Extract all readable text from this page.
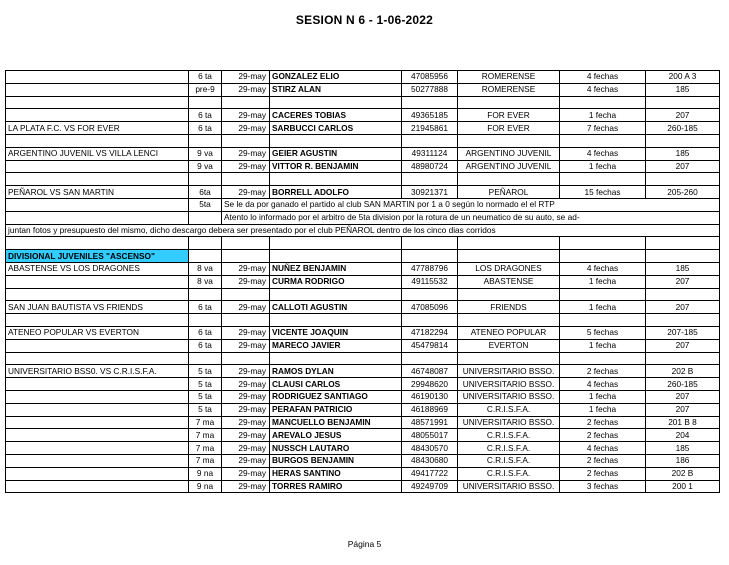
SESION N 6 - 1-06-2022
	6 ta	29-may	GONZALEZ ELIO	47085956	ROMERENSE	4 fechas	200 A 3
	pre-9	29-may	STIRZ ALAN	50277888	ROMERENSE	4 fechas	185

	6 ta	29-may	CACERES TOBIAS	49365185	FOR EVER	1 fecha	207
LA PLATA F.C. VS FOR EVER	6 ta	29-may	SARBUCCI CARLOS	21945861	FOR EVER	7 fechas	260-185

ARGENTINO JUVENIL VS VILLA LENCI	9 va	29-may	GEIER AGUSTIN	49311124	ARGENTINO JUVENIL	4 fechas	185
	9 va	29-may	VITTOR R. BENJAMIN	48980724	ARGENTINO JUVENIL	1 fecha	207

PEÑAROL VS SAN MARTIN	6ta	29-may	BORRELL ADOLFO	30921371	PEÑAROL	15 fechas	205-260
	5ta	Se le da por ganado el partido al club SAN MARTIN por 1 a 0 según lo normado el el RTP					
		Atento lo informado por el arbitro de 5ta division por la rotura de un neumatico de su auto, se ad-					
juntan fotos y presupuesto del mismo, dicho descargo debera ser presentado por el club PEÑAROL dentro de los cinco dias corridos							

DIVISIONAL JUVENILES "ASCENSO"							
ABASTENSE VS LOS DRAGONES	8 va	29-may	NUÑEZ BENJAMIN	47788796	LOS DRAGONES	4 fechas	185
	8 va	29-may	CURMA RODRIGO	49115532	ABASTENSE	1 fecha	207

SAN JUAN BAUTISTA VS FRIENDS	6 ta	29-may	CALLOTI AGUSTIN	47085096	FRIENDS	1 fecha	207

ATENEO POPULAR VS EVERTON	6 ta	29-may	VICENTE JOAQUIN	47182294	ATENEO POPULAR	5 fechas	207-185
	6 ta	29-may	MARECO JAVIER	45479814	EVERTON	1 fecha	207

UNIVERSITARIO BSS0. VS C.R.I.S.F.A.	5 ta	29-may	RAMOS DYLAN	46748087	UNIVERSITARIO BSSO.	2 fechas	202 B
	5 ta	29-may	CLAUSI CARLOS	29948620	UNIVERSITARIO BSSO.	4 fechas	260-185
	5 ta	29-may	RODRIGUEZ SANTIAGO	46190130	UNIVERSITARIO BSSO.	1 fecha	207
	5 ta	29-may	PERAFAN PATRICIO	46188969	C.R.I.S.F.A.	1 fecha	207
	7 ma	29-may	MANCUELLO BENJAMIN	48571991	UNIVERSITARIO BSSO.	2 fechas	201 B 8
	7 ma	29-may	AREVALO JESUS	48055017	C.R.I.S.F.A.	2 fechas	204
	7 ma	29-may	NUSSCH LAUTARO	48430570	C.R.I.S.F.A.	4 fechas	185
	7 ma	29-may	BURGOS BENJAMIN	48430680	C.R.I.S.F.A.	2 fechas	186
	9 na	29-may	HERAS SANTINO	49417722	C.R.I.S.F.A.	2 fechas	202 B
	9 na	29-may	TORRES RAMIRO	49249709	UNIVERSITARIO BSSO.	3 fechas	200 1
Página 5
